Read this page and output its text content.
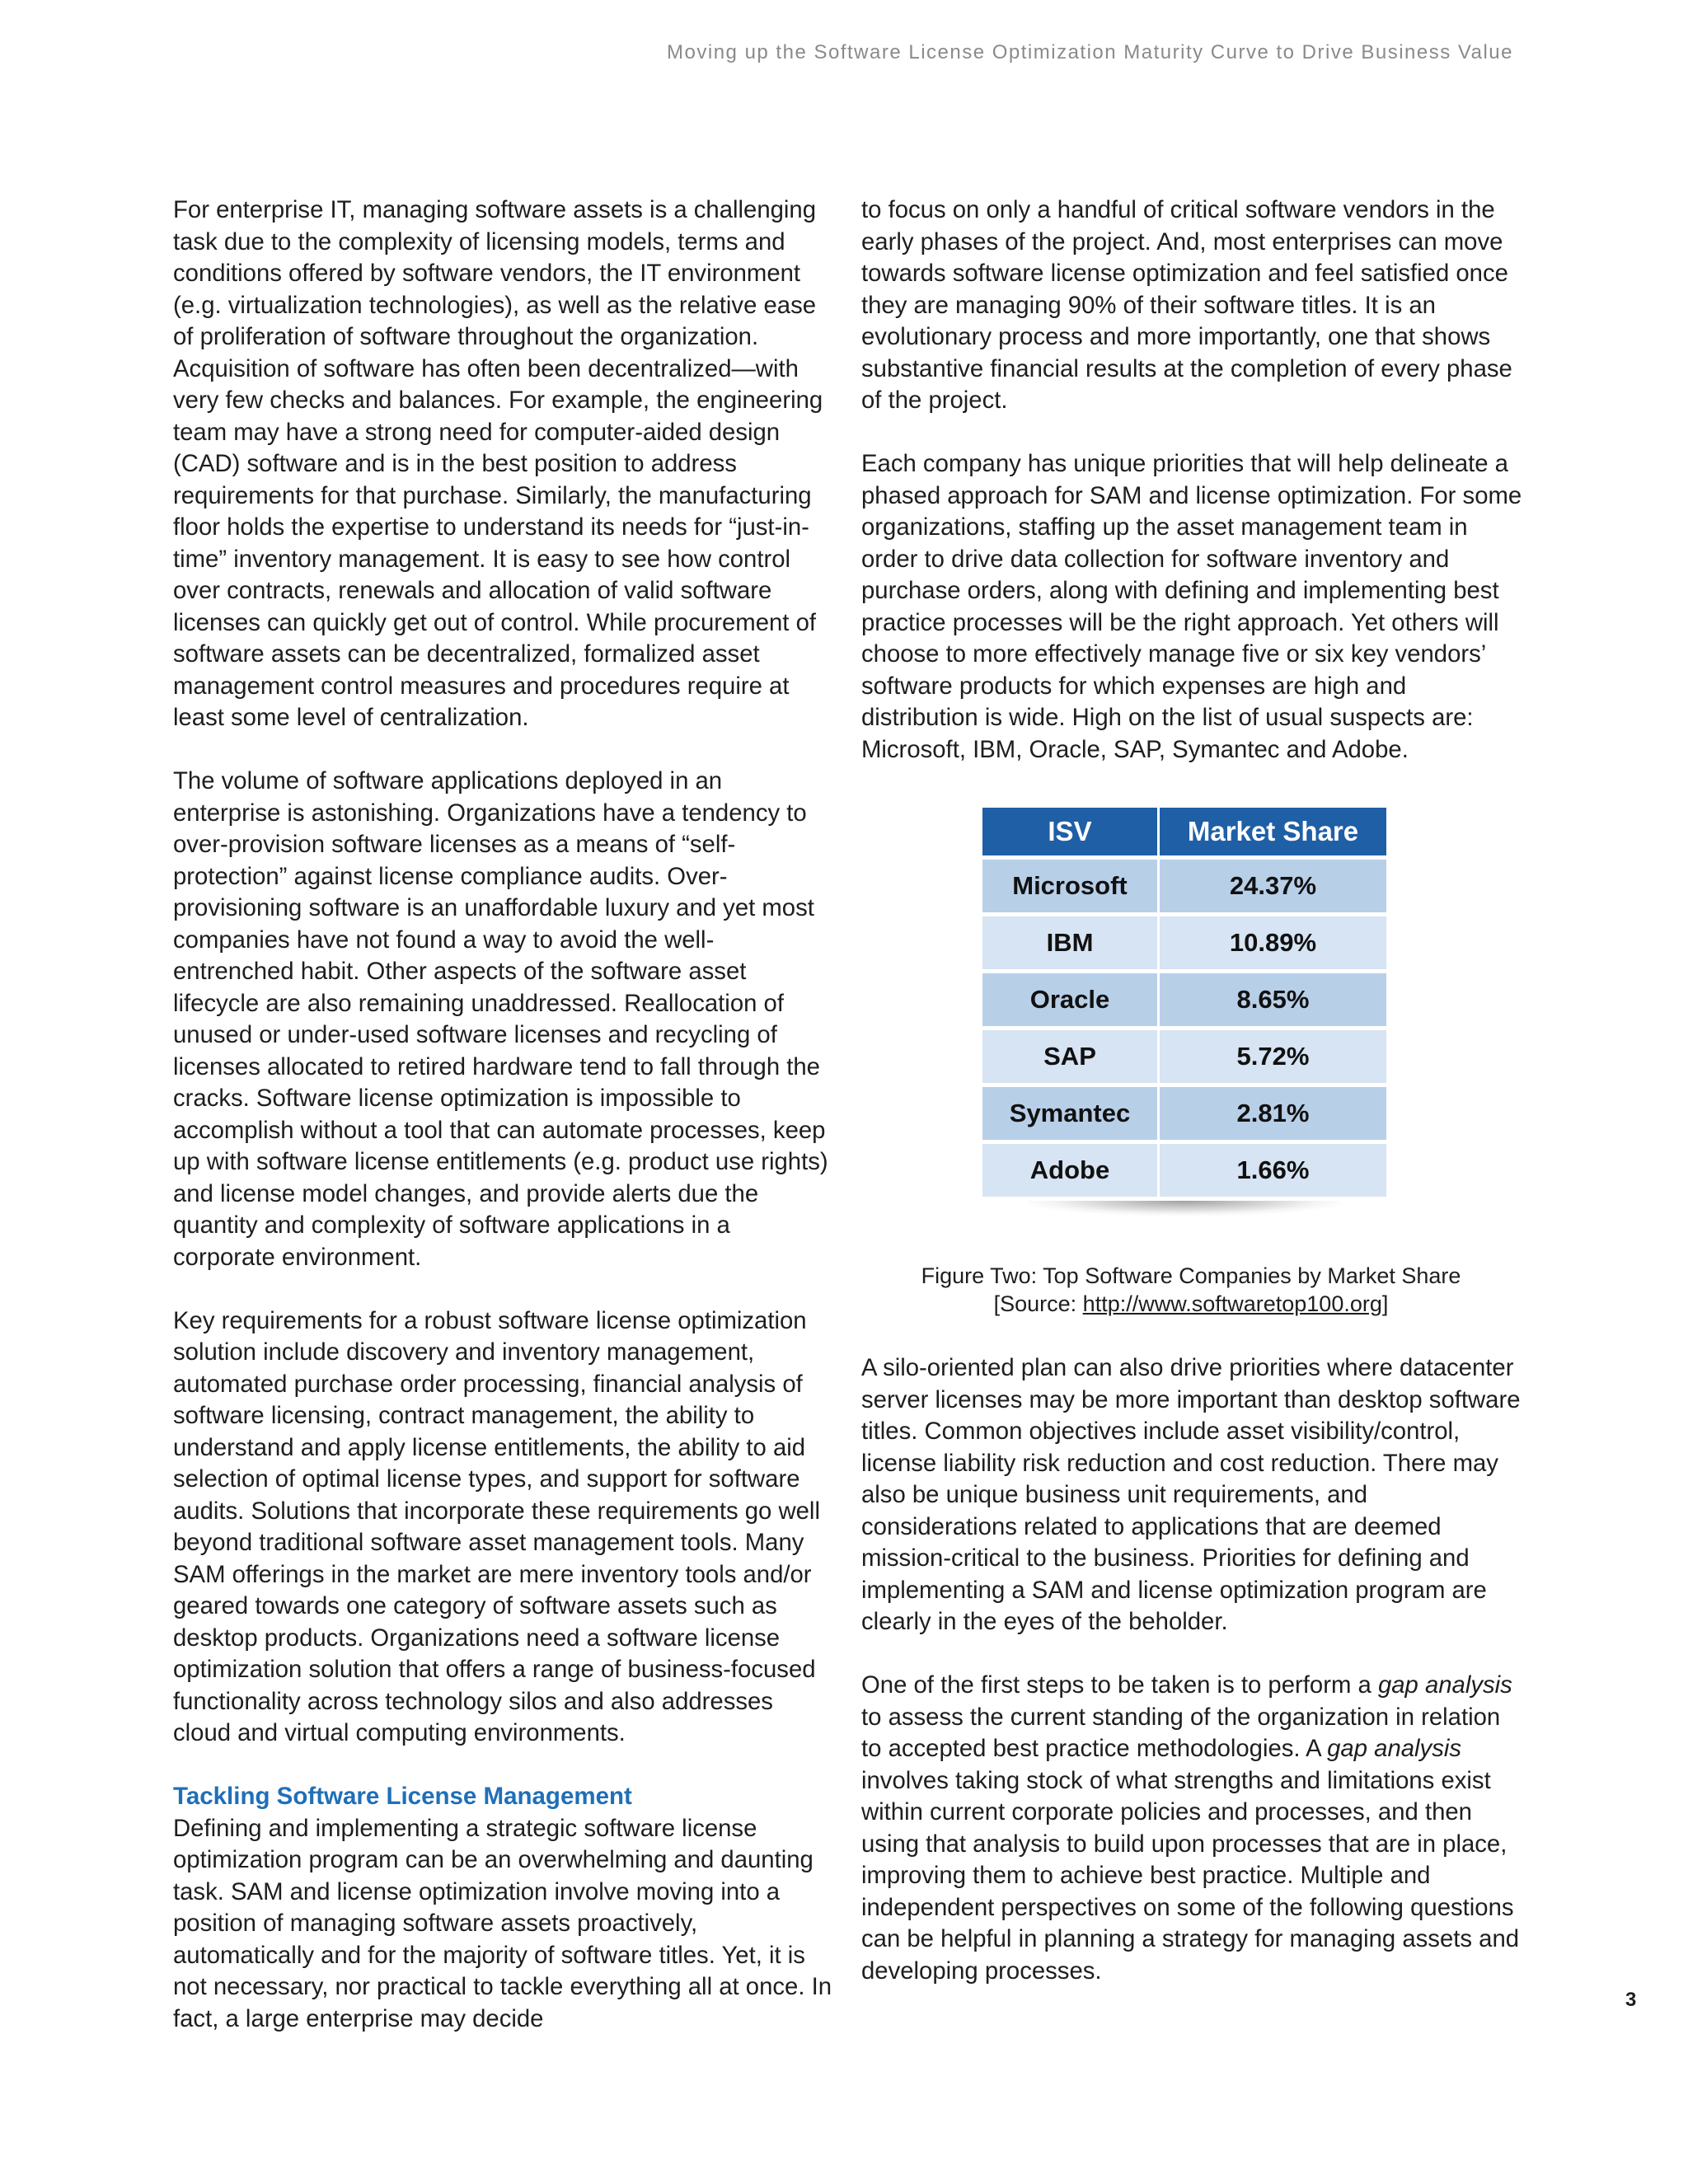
Moving up the Software License Optimization Maturity Curve to Drive Business Value

For enterprise IT, managing software assets is a challenging task due to the complexity of licensing models, terms and conditions offered by software vendors, the IT environment (e.g. virtualization technologies), as well as the relative ease of proliferation of software throughout the organization. Acquisition of software has often been decentralized—with very few checks and balances. For example, the engineering team may have a strong need for computer-aided design (CAD) software and is in the best position to address requirements for that purchase. Similarly, the manufacturing floor holds the expertise to understand its needs for “just-in-time” inventory management. It is easy to see how control over contracts, renewals and allocation of valid software licenses can quickly get out of control. While procurement of software assets can be decentralized, formalized asset management control measures and procedures require at least some level of centralization.

The volume of software applications deployed in an enterprise is astonishing. Organizations have a tendency to over-provision software licenses as a means of “self-protection” against license compliance audits. Over-provisioning software is an unaffordable luxury and yet most companies have not found a way to avoid the well-entrenched habit. Other aspects of the software asset lifecycle are also remaining unaddressed. Reallocation of unused or under-used software licenses and recycling of licenses allocated to retired hardware tend to fall through the cracks. Software license optimization is impossible to accomplish without a tool that can automate processes, keep up with software license entitlements (e.g. product use rights) and license model changes, and provide alerts due the quantity and complexity of software applications in a corporate environment.

Key requirements for a robust software license optimization solution include discovery and inventory management, automated purchase order processing, financial analysis of software licensing, contract management, the ability to understand and apply license entitlements, the ability to aid selection of optimal license types, and support for software audits. Solutions that incorporate these requirements go well beyond traditional software asset management tools. Many SAM offerings in the market are mere inventory tools and/or geared towards one category of software assets such as desktop products. Organizations need a software license optimization solution that offers a range of business-focused functionality across technology silos and also addresses cloud and virtual computing environments.

Tackling Software License Management

Defining and implementing a strategic software license optimization program can be an overwhelming and daunting task. SAM and license optimization involve moving into a position of managing software assets proactively, automatically and for the majority of software titles. Yet, it is not necessary, nor practical to tackle everything all at once. In fact, a large enterprise may decide

to focus on only a handful of critical software vendors in the early phases of the project. And, most enterprises can move towards software license optimization and feel satisfied once they are managing 90% of their software titles. It is an evolutionary process and more importantly, one that shows substantive financial results at the completion of every phase of the project.

Each company has unique priorities that will help delineate a phased approach for SAM and license optimization. For some organizations, staffing up the asset management team in order to drive data collection for software inventory and purchase orders, along with defining and implementing best practice processes will be the right approach. Yet others will choose to more effectively manage five or six key vendors’ software products for which expenses are high and distribution is wide. High on the list of usual suspects are: Microsoft, IBM, Oracle, SAP, Symantec and Adobe.

ISV	Market Share
Microsoft	24.37%
IBM	10.89%
Oracle	8.65%
SAP	5.72%
Symantec	2.81%
Adobe	1.66%
Figure Two: Top Software Companies by Market Share
[Source: http://www.softwaretop100.org]

A silo-oriented plan can also drive priorities where datacenter server licenses may be more important than desktop software titles. Common objectives include asset visibility/control, license liability risk reduction and cost reduction. There may also be unique business unit requirements, and considerations related to applications that are deemed mission-critical to the business. Priorities for defining and implementing a SAM and license optimization program are clearly in the eyes of the beholder.

One of the first steps to be taken is to perform a gap analysis to assess the current standing of the organization in relation to accepted best practice methodologies. A gap analysis involves taking stock of what strengths and limitations exist within current corporate policies and processes, and then using that analysis to build upon processes that are in place, improving them to achieve best practice. Multiple and independent perspectives on some of the following questions can be helpful in planning a strategy for managing assets and developing processes.

3
